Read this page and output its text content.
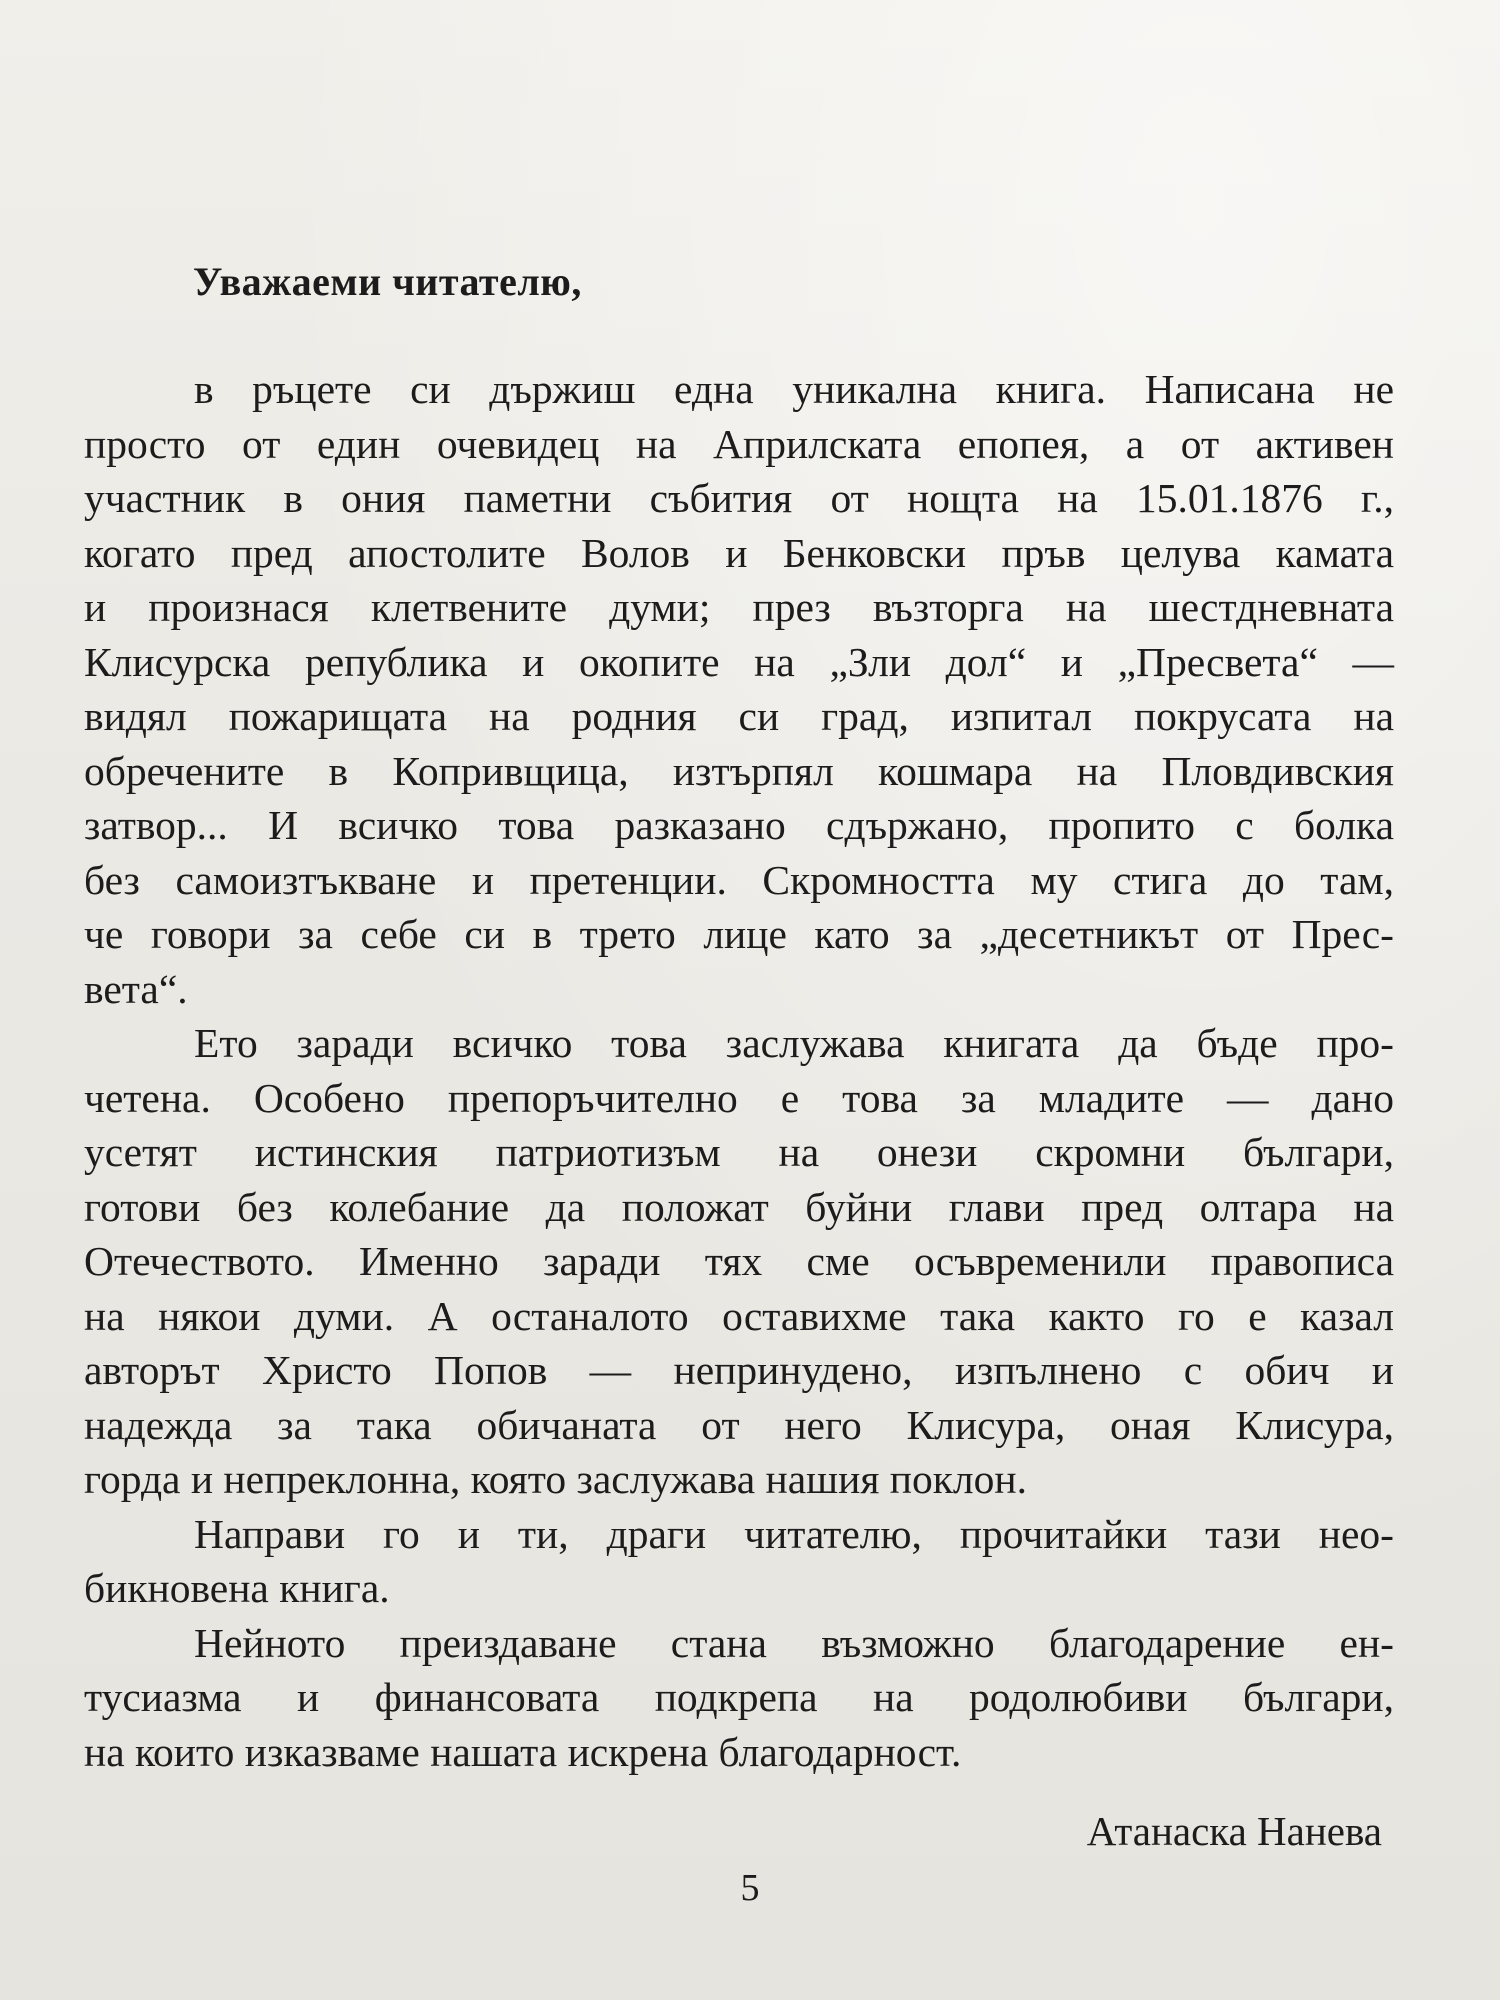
Уважаеми читателю,

в ръцете си държиш една уникална книга. Написана не
просто от един очевидец на Априлската епопея, а от активен
участник в ония паметни събития от нощта на 15.01.1876 г.,
когато пред апостолите Волов и Бенковски пръв целува камата
и произнася клетвените думи; през възторга на шестдневната
Клисурска република и окопите на „Зли дол“ и „Пресвета“ —
видял пожарищата на родния си град, изпитал покрусата на
обречените в Копривщица, изтърпял кошмара на Пловдивския
затвор... И всичко това разказано сдържано, пропито с болка
без самоизтъкване и претенции. Скромността му стига до там,
че говори за себе си в трето лице като за „десетникът от Прес-
вета“.
Ето заради всичко това заслужава книгата да бъде про-
четена. Особено препоръчително е това за младите — дано
усетят истинския патриотизъм на онези скромни българи,
готови без колебание да положат буйни глави пред олтара на
Отечеството. Именно заради тях сме осъвременили правописа
на някои думи. А останалото оставихме така както го е казал
авторът Христо Попов — непринудено, изпълнено с обич и
надежда за така обичаната от него Клисура, оная Клисура,
горда и непреклонна, която заслужава нашия поклон.
Направи го и ти, драги читателю, прочитайки тази нео-
бикновена книга.
Нейното преиздаване стана възможно благодарение ен-
тусиазма и финансовата подкрепа на родолюбиви българи,
на които изказваме нашата искрена благодарност.

Атанаска Нанева

5
